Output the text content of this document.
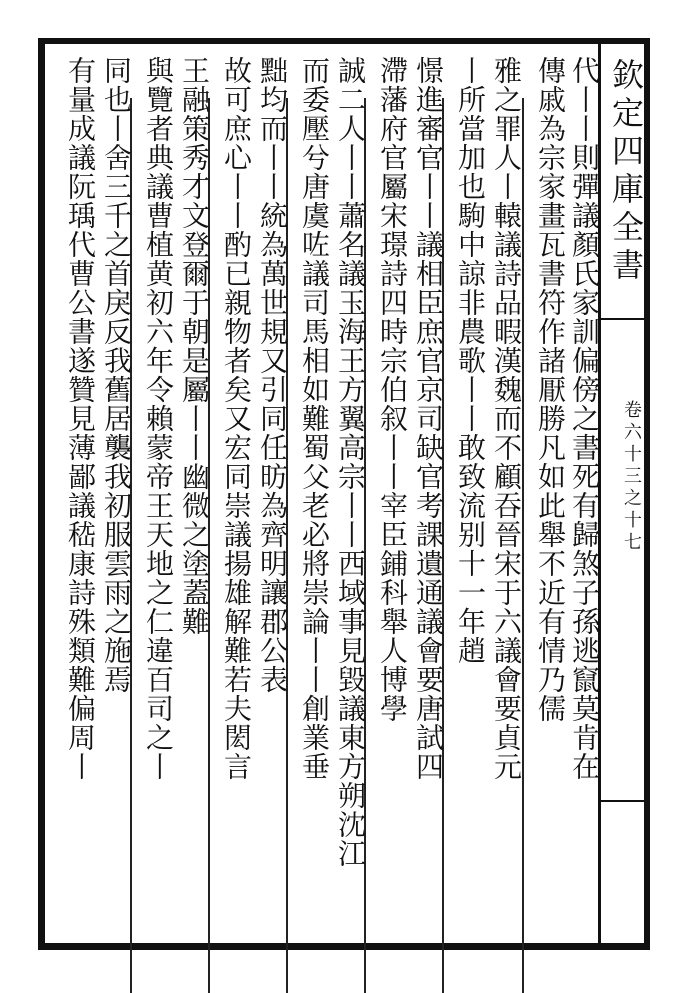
欽定四庫全書
卷六十三之十七
代丨丨則彈議顏氏家訓偏傍之書死有歸煞子孫逃竄莫肯在
傳戚為宗家畫瓦書符作諸厭勝凡如此舉不近有情乃儒
雅之罪人丨轅議詩品暇漢魏而不顧吞晉宋于六議會要貞元
丨所當加也駒中諒非農歌丨丨敢致流别十一年趙
憬進審官丨丨議相臣庶官京司缺官考課遺通議會要唐試四
滯藩府官屬宋璟詩四時宗伯叙丨丨宰臣鋪科舉人博學
誠二人丨丨蕭名議玉海王方翼高宗丨丨西域事見毀議東方朔沈江
而委壓兮唐虞咗議司馬相如難蜀父老必將崇論丨丨創業垂
黜均而丨丨統為萬世規又引同任昉為齊明讓郡公表
故可庶心丨丨酌已親物者矣又宏同崇議揚雄解難若夫閎言
王融策秀才文登爾于朝是屬丨丨幽微之塗蓋難
與覽者典議曹植黄初六年令賴蒙帝王天地之仁違百司之丨
同也丨舍三千之首戾反我舊居襲我初服雲雨之施焉
有量成議阮瑀代曹公書遂贊見薄鄙議嵇康詩殊類難偏周丨
